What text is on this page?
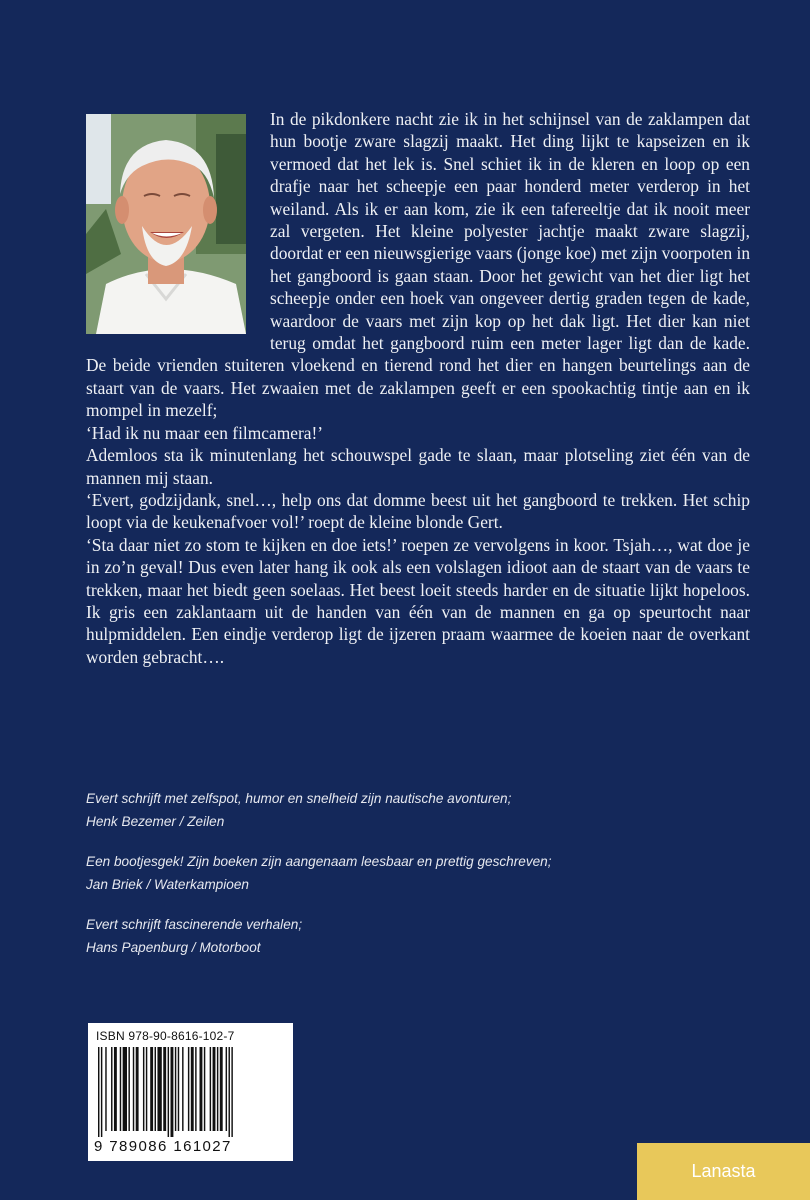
In de pikdonkere nacht zie ik in het schijnsel van de zaklampen dat hun bootje zware slagzij maakt. Het ding lijkt te kapseizen en ik vermoed dat het lek is. Snel schiet ik in de kleren en loop op een drafje naar het scheepje een paar honderd meter verderop in het weiland. Als ik er aan kom, zie ik een tafereeltje dat ik nooit meer zal vergeten. Het kleine polyester jachtje maakt zware slagzij, doordat er een nieuwsgierige vaars (jonge koe) met zijn voorpoten in het gangboord is gaan staan. Door het gewicht van het dier ligt het scheepje onder een hoek van ongeveer dertig graden tegen de kade, waardoor de vaars met zijn kop op het dak ligt. Het dier kan niet terug omdat het gangboord ruim een meter lager ligt dan de kade. De beide vrienden stuiteren vloekend en tierend rond het dier en hangen beurtelings aan de staart van de vaars. Het zwaaien met de zaklampen geeft er een spookachtig tintje aan en ik mompel in mezelf;

‘Had ik nu maar een filmcamera!’

Ademloos sta ik minutenlang het schouwspel gade te slaan, maar plotseling ziet één van de mannen mij staan.

‘Evert, godzijdank, snel…, help ons dat domme beest uit het gangboord te trekken. Het schip loopt via de keukenafvoer vol!’ roept de kleine blonde Gert.

‘Sta daar niet zo stom te kijken en doe iets!’ roepen ze vervolgens in koor. Tsjah…, wat doe je in zo’n geval! Dus even later hang ik ook als een volslagen idioot aan de staart van de vaars te trekken, maar het biedt geen soelaas. Het beest loeit steeds harder en de situatie lijkt hopeloos. Ik gris een zaklantaarn uit de handen van één van de mannen en ga op speurtocht naar hulpmiddelen. Een eindje verderop ligt de ijzeren praam waarmee de koeien naar de overkant worden gebracht….

Evert schrijft met zelfspot, humor en snelheid zijn nautische avonturen;
Henk Bezemer / Zeilen
Een bootjesgek! Zijn boeken zijn aangenaam leesbaar en prettig geschreven;
Jan Briek / Waterkampioen
Evert schrijft fascinerende verhalen;
Hans Papenburg / Motorboot
ISBN 978-90-8616-102-7
9 789086 161027
Lanasta
